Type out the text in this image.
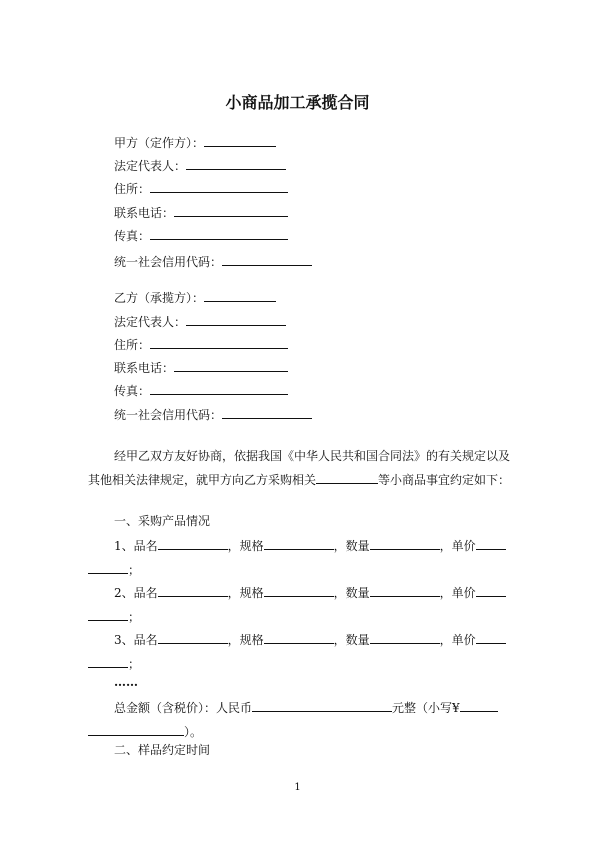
小商品加工承揽合同
甲方（定作方）：
法定代表人：
住所：
联系电话：
传真：
统一社会信用代码：
乙方（承揽方）：
法定代表人：
住所：
联系电话：
传真：
统一社会信用代码：
经甲乙双方友好协商，依据我国《中华人民共和国合同法》的有关规定以及
其他相关法律规定，就甲方向乙方采购相关	等小商品事宜约定如下：
一、采购产品情况
1、品名	，规格	，数量	，单价
；
2、品名	，规格	，数量	，单价
；
3、品名	，规格	，数量	，单价
；
……
总金额（含税价）：人民币	元整（小写¥
）。
二、样品约定时间
1
